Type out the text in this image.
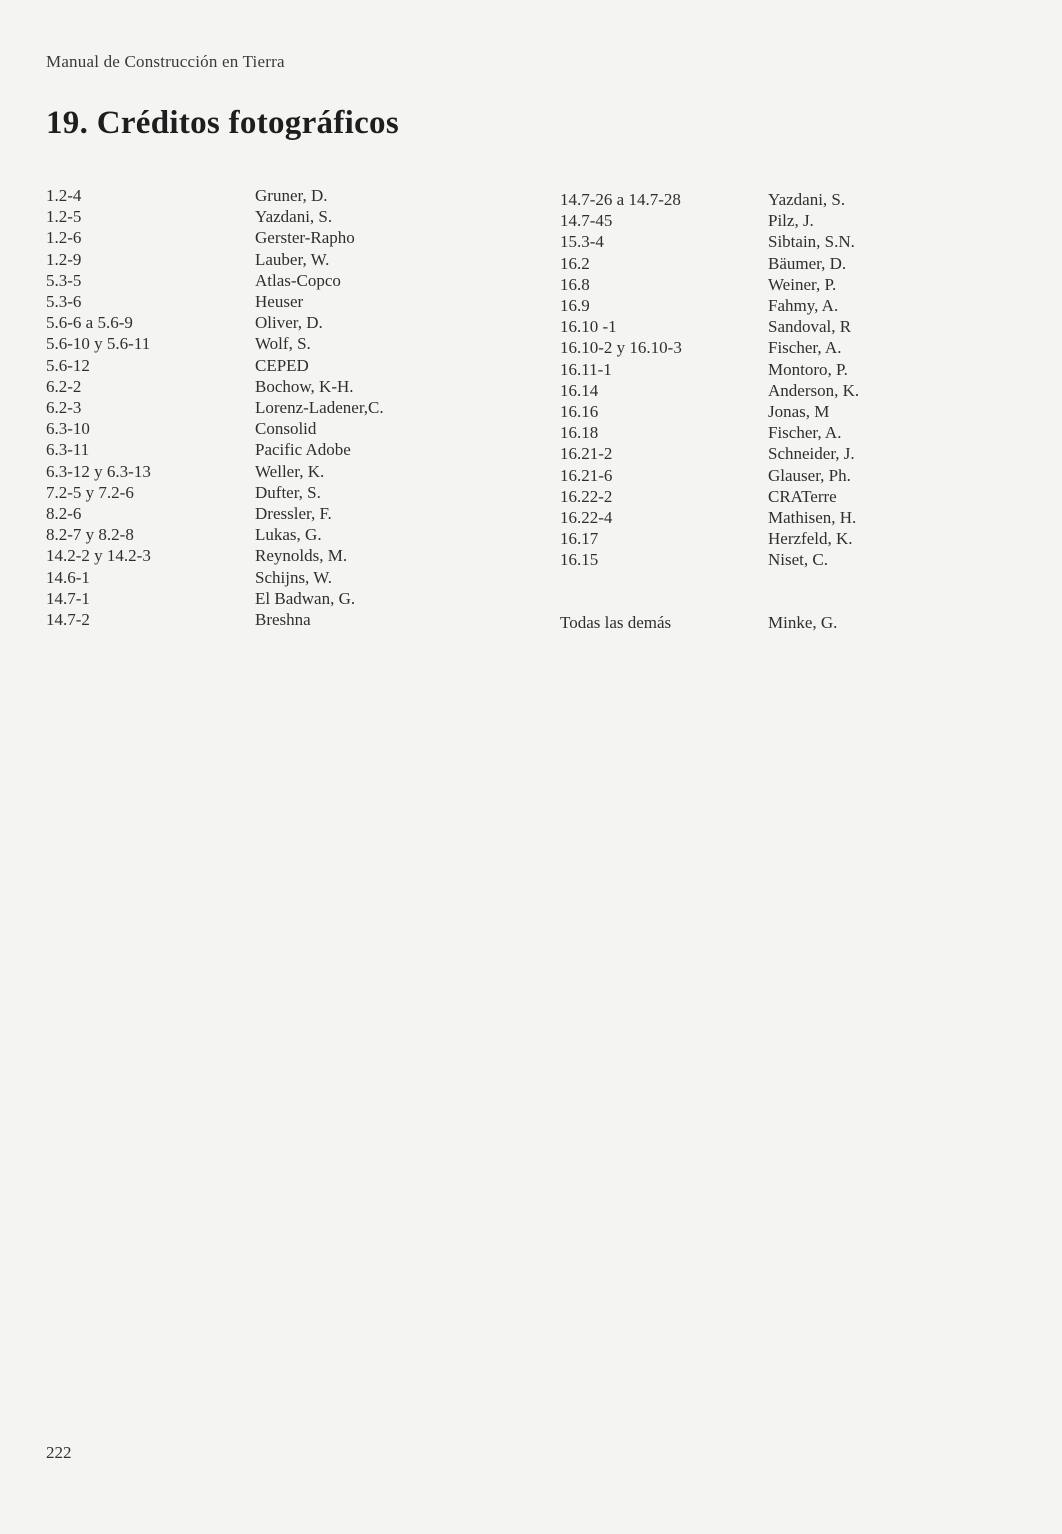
Manual de Construcción en Tierra
19. Créditos fotográficos
1.2-4	Gruner, D.
1.2-5	Yazdani, S.
1.2-6	Gerster-Rapho
1.2-9	Lauber, W.
5.3-5	Atlas-Copco
5.3-6	Heuser
5.6-6 a 5.6-9	Oliver, D.
5.6-10 y 5.6-11	Wolf, S.
5.6-12	CEPED
6.2-2	Bochow, K-H.
6.2-3	Lorenz-Ladener,C.
6.3-10	Consolid
6.3-11	Pacific Adobe
6.3-12 y 6.3-13	Weller, K.
7.2-5 y 7.2-6	Dufter, S.
8.2-6	Dressler, F.
8.2-7 y 8.2-8	Lukas, G.
14.2-2 y 14.2-3	Reynolds, M.
14.6-1	Schijns, W.
14.7-1	El Badwan, G.
14.7-2	Breshna
14.7-26 a 14.7-28	Yazdani, S.
14.7-45	Pilz, J.
15.3-4	Sibtain, S.N.
16.2	Bäumer, D.
16.8	Weiner, P.
16.9	Fahmy, A.
16.10 -1	Sandoval, R
16.10-2 y 16.10-3	Fischer, A.
16.11-1	Montoro, P.
16.14	Anderson, K.
16.16	Jonas, M
16.18	Fischer, A.
16.21-2	Schneider, J.
16.21-6	Glauser, Ph.
16.22-2	CRATerre
16.22-4	Mathisen, H.
16.17	Herzfeld, K.
16.15	Niset, C.
Todas las demás	Minke, G.
222
